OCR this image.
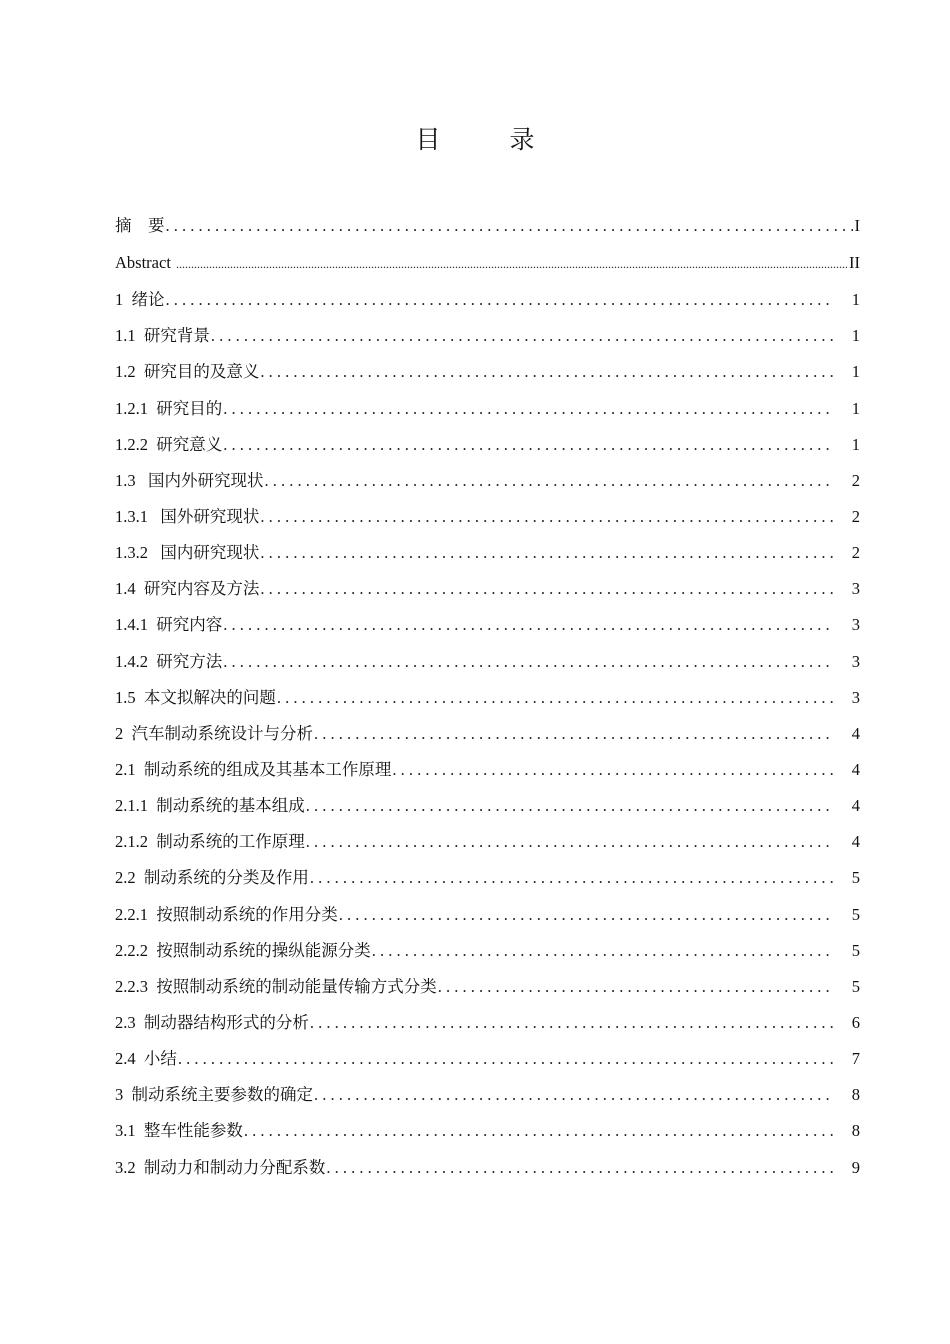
目　录
摘　要 . . .	I
Abstract .....	II
1  绪论 . . .	1
1.1  研究背景 . . .	1
1.2  研究目的及意义 . . .	1
1.2.1  研究目的 . . .	1
1.2.2  研究意义 . . .	1
1.3   国内外研究现状 . . .	2
1.3.1   国外研究现状 . . .	2
1.3.2   国内研究现状 . . .	2
1.4  研究内容及方法 . . .	3
1.4.1  研究内容 . . .	3
1.4.2  研究方法 . . .	3
1.5  本文拟解决的问题 . . .	3
2  汽车制动系统设计与分析 . . .	4
2.1  制动系统的组成及其基本工作原理 . . .	4
2.1.1  制动系统的基本组成 . . .	4
2.1.2  制动系统的工作原理 . . .	4
2.2  制动系统的分类及作用 . . .	5
2.2.1  按照制动系统的作用分类 . . .	5
2.2.2  按照制动系统的操纵能源分类 . . .	5
2.2.3  按照制动系统的制动能量传输方式分类 . . .	5
2.3  制动器结构形式的分析 . . .	6
2.4  小结 . . .	7
3  制动系统主要参数的确定 . . .	8
3.1  整车性能参数 . . .	8
3.2  制动力和制动力分配系数 . . .	9
